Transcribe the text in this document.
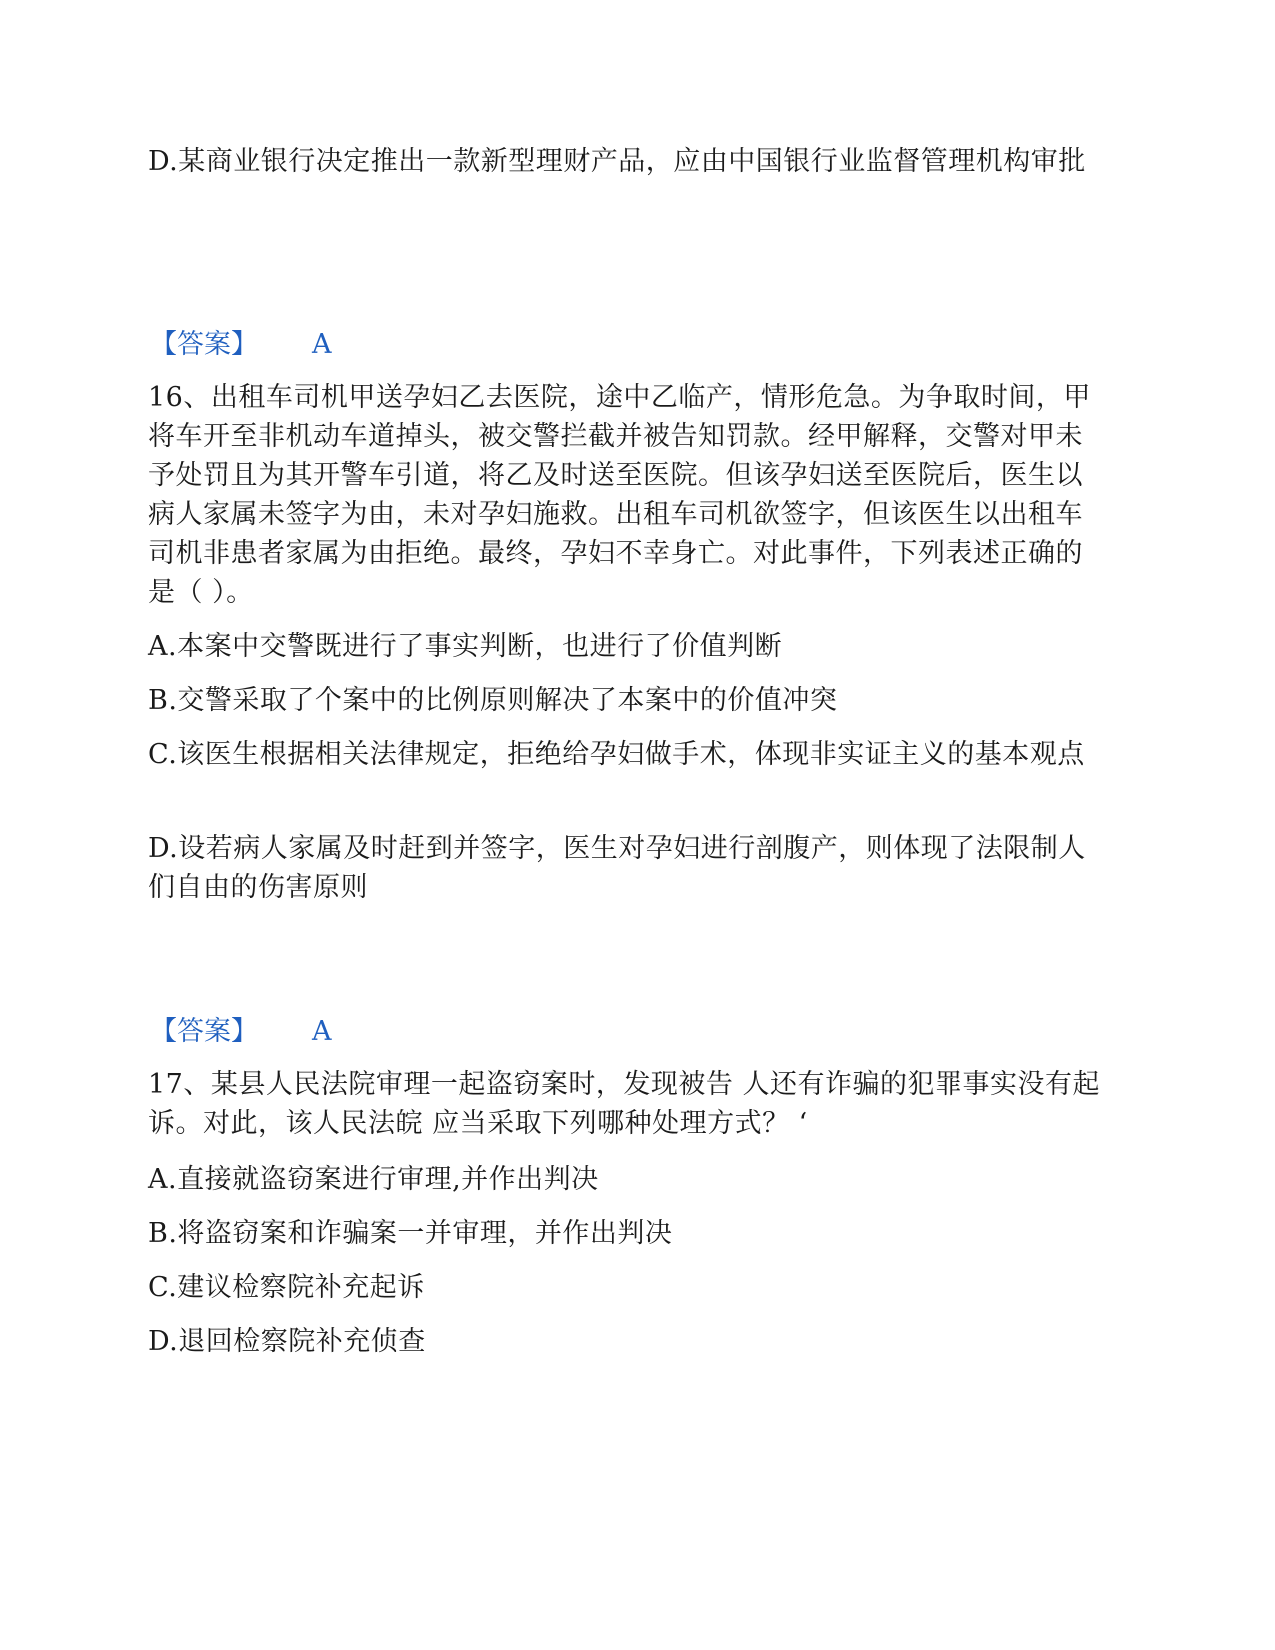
D.某商业银行决定推出一款新型理财产品，应由中国银行业监督管理机构审批

【答案】 A

16、出租车司机甲送孕妇乙去医院，途中乙临产，情形危急。为争取时间，甲将车开至非机动车道掉头，被交警拦截并被告知罚款。经甲解释，交警对甲未予处罚且为其开警车引道，将乙及时送至医院。但该孕妇送至医院后，医生以病人家属未签字为由，未对孕妇施救。出租车司机欲签字，但该医生以出租车司机非患者家属为由拒绝。最终，孕妇不幸身亡。对此事件，下列表述正确的是（ ）。

A.本案中交警既进行了事实判断，也进行了价值判断

B.交警采取了个案中的比例原则解决了本案中的价值冲突

C.该医生根据相关法律规定，拒绝给孕妇做手术，体现非实证主义的基本观点

D.设若病人家属及时赶到并签字，医生对孕妇进行剖腹产，则体现了法限制人们自由的伤害原则

【答案】 A

17、某县人民法院审理一起盗窃案时，发现被告 人还有诈骗的犯罪事实没有起诉。对此，该人民法皖 应当采取下列哪种处理方式？ ‘

A.直接就盗窃案进行审理,并作出判决

B.将盗窃案和诈骗案一并审理，并作出判决

C.建议检察院补充起诉

D.退回检察院补充侦查
